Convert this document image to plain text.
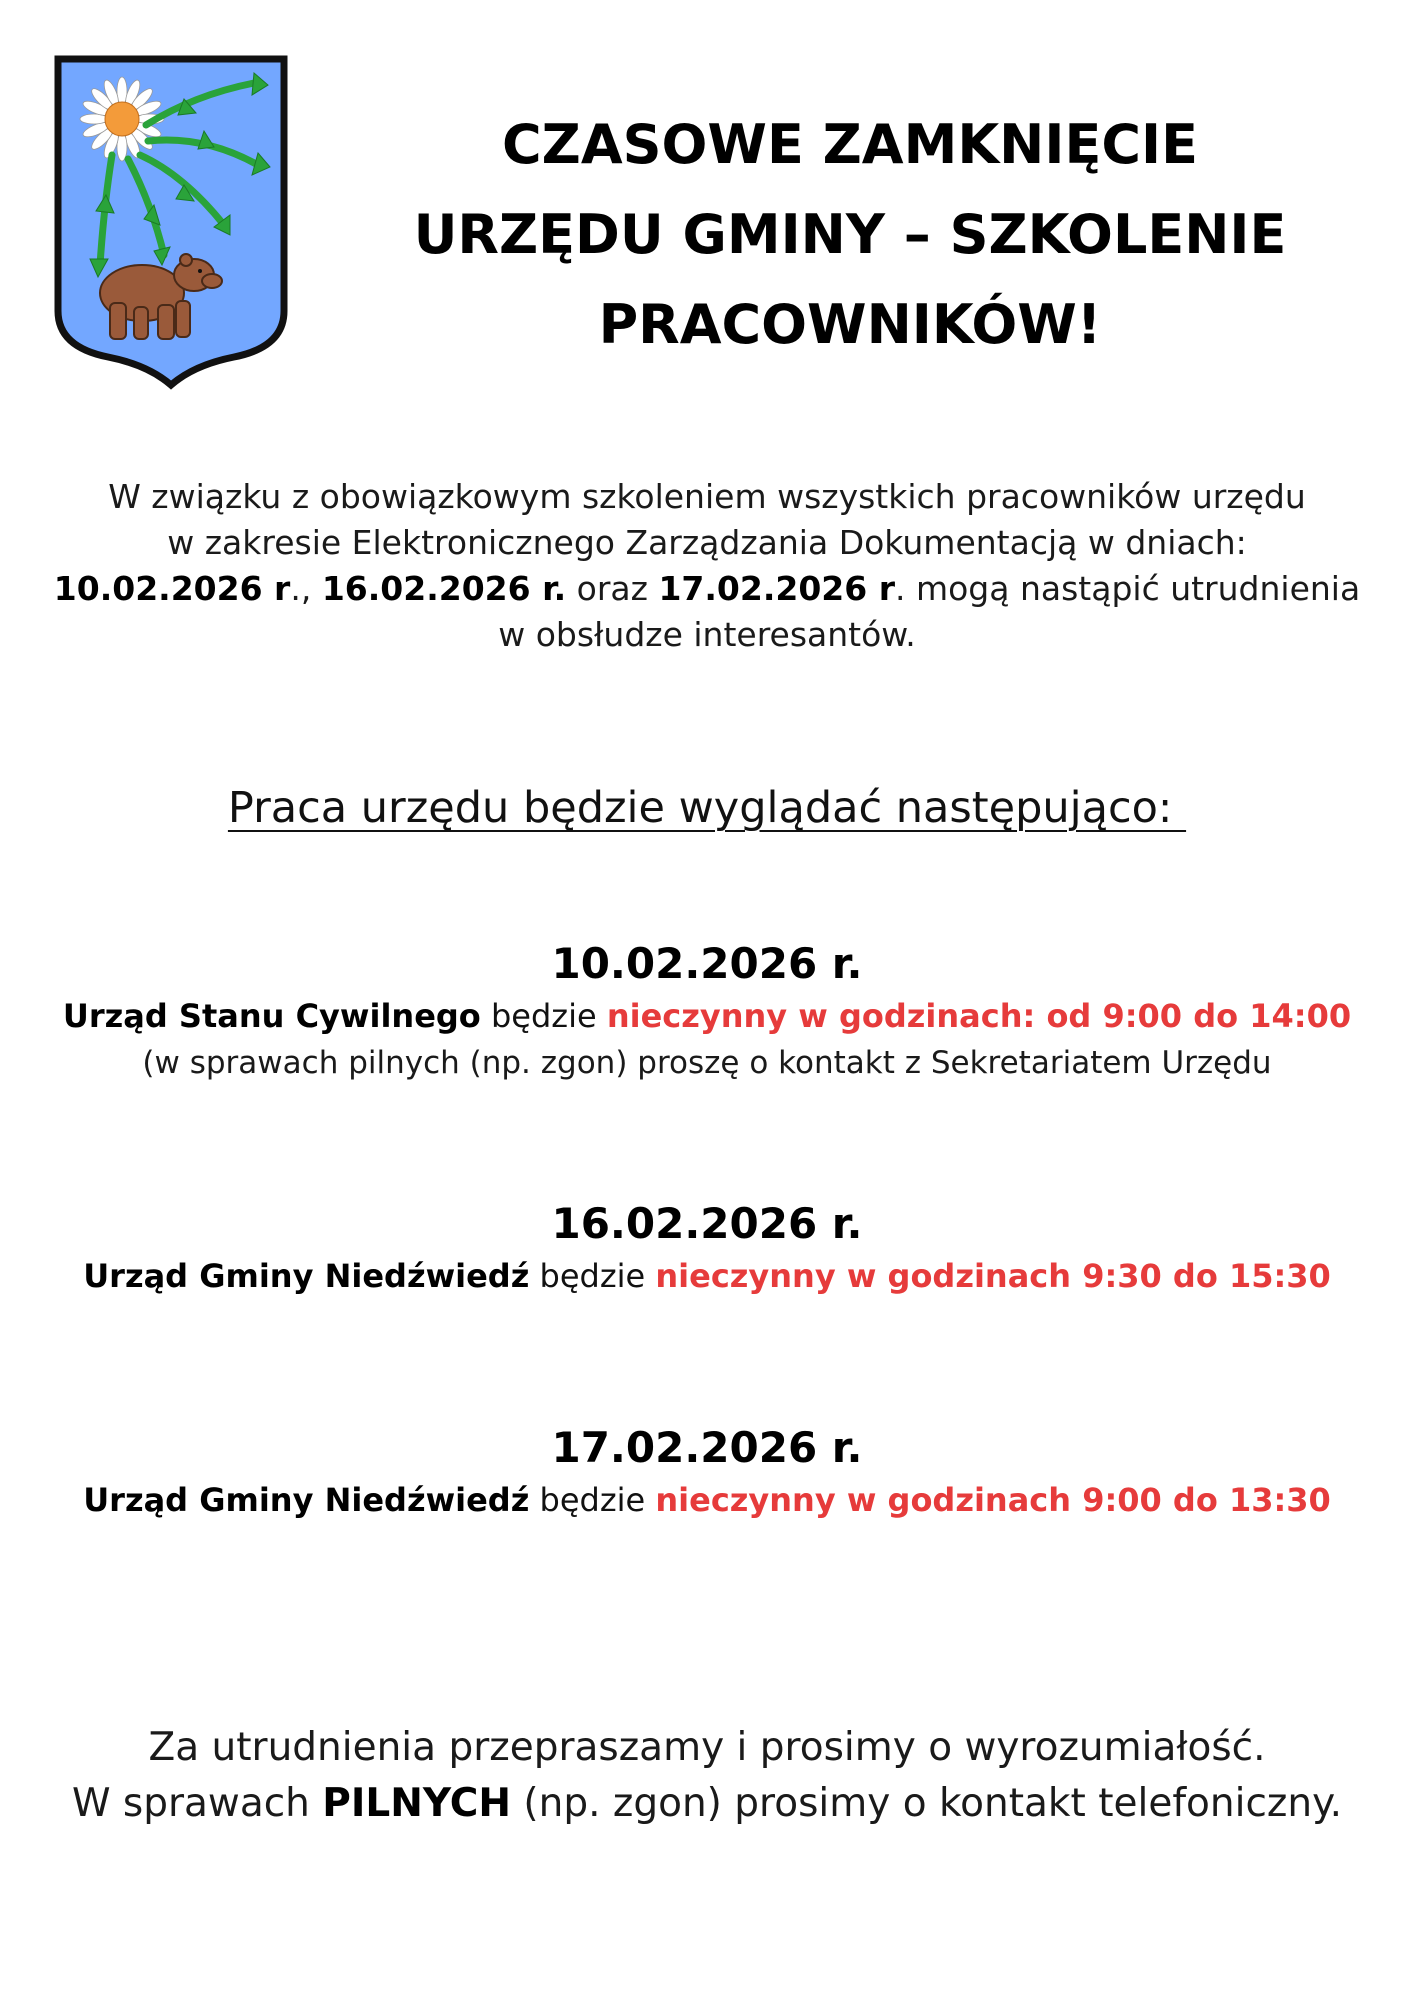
CZASOWE ZAMKNIĘCIE
URZĘDU GMINY – SZKOLENIE
PRACOWNIKÓW!
W związku z obowiązkowym szkoleniem wszystkich pracowników urzędu
w zakresie Elektronicznego Zarządzania Dokumentacją w dniach:
10.02.2026 r., 16.02.2026 r. oraz 17.02.2026 r. mogą nastąpić utrudnienia
w obsłudze interesantów.
Praca urzędu będzie wyglądać następująco:
10.02.2026 r.
Urząd Stanu Cywilnego będzie nieczynny w godzinach: od 9:00 do 14:00
(w sprawach pilnych (np. zgon) proszę o kontakt z Sekretariatem Urzędu
16.02.2026 r.
Urząd Gminy Niedźwiedź będzie nieczynny w godzinach 9:30 do 15:30
17.02.2026 r.
Urząd Gminy Niedźwiedź będzie nieczynny w godzinach 9:00 do 13:30
Za utrudnienia przepraszamy i prosimy o wyrozumiałość.
W sprawach PILNYCH (np. zgon) prosimy o kontakt telefoniczny.
